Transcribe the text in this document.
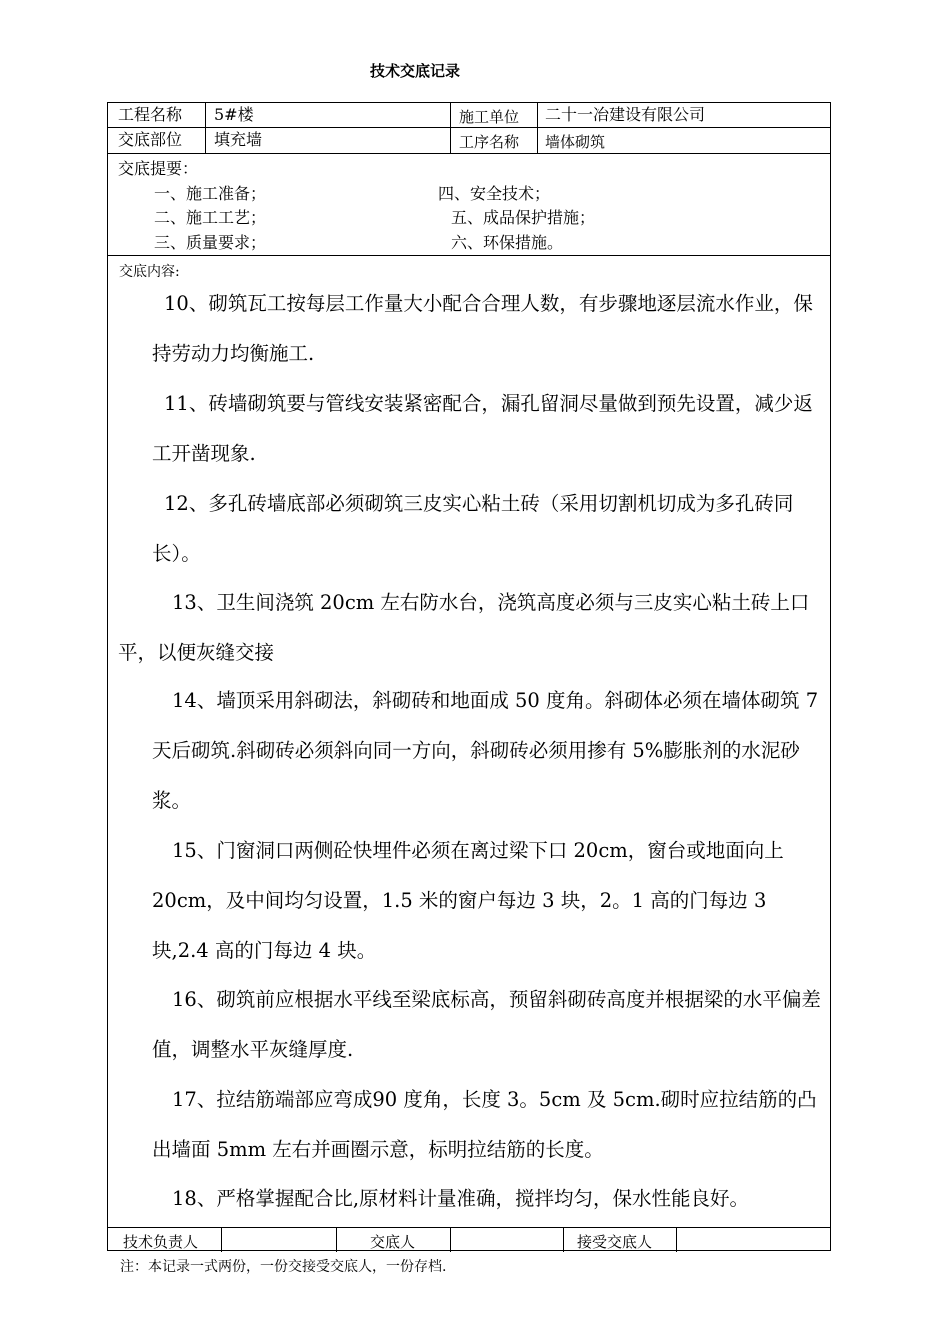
技术交底记录
工程名称 5#楼	施工单位 二十一冶建设有限公司
交底部位 填充墙	工序名称 墙体砌筑
交底提要：
一、施工准备；	四、安全技术；
二、施工工艺；	五、成品保护措施；
三、质量要求；	六、环保措施。
交底内容:
10、砌筑瓦工按每层工作量大小配合合理人数，有步骤地逐层流水作业，保持劳动力均衡施工.
11、砖墙砌筑要与管线安装紧密配合，漏孔留洞尽量做到预先设置，减少返工开凿现象.
12、多孔砖墙底部必须砌筑三皮实心粘土砖（采用切割机切成为多孔砖同长）。
13、卫生间浇筑 20cm 左右防水台，浇筑高度必须与三皮实心粘土砖上口平，以便灰缝交接
14、墙顶采用斜砌法，斜砌砖和地面成 50 度角。斜砌体必须在墙体砌筑 7 天后砌筑.斜砌砖必须斜向同一方向，斜砌砖必须用掺有 5%膨胀剂的水泥砂浆。
15、门窗洞口两侧砼快埋件必须在离过梁下口 20cm，窗台或地面向上 20cm，及中间均匀设置，1.5 米的窗户每边 3 块，2。1 高的门每边 3 块,2.4 高的门每边 4 块。
16、砌筑前应根据水平线至梁底标高，预留斜砌砖高度并根据梁的水平偏差值，调整水平灰缝厚度.
17、拉结筋端部应弯成90 度角，长度 3。5cm 及 5cm.砌时应拉结筋的凸出墙面 5mm 左右并画圈示意，标明拉结筋的长度。
18、严格掌握配合比,原材料计量准确，搅拌均匀，保水性能良好。
技术负责人	交底人	接受交底人
注：本记录一式两份，一份交接受交底人，一份存档.
